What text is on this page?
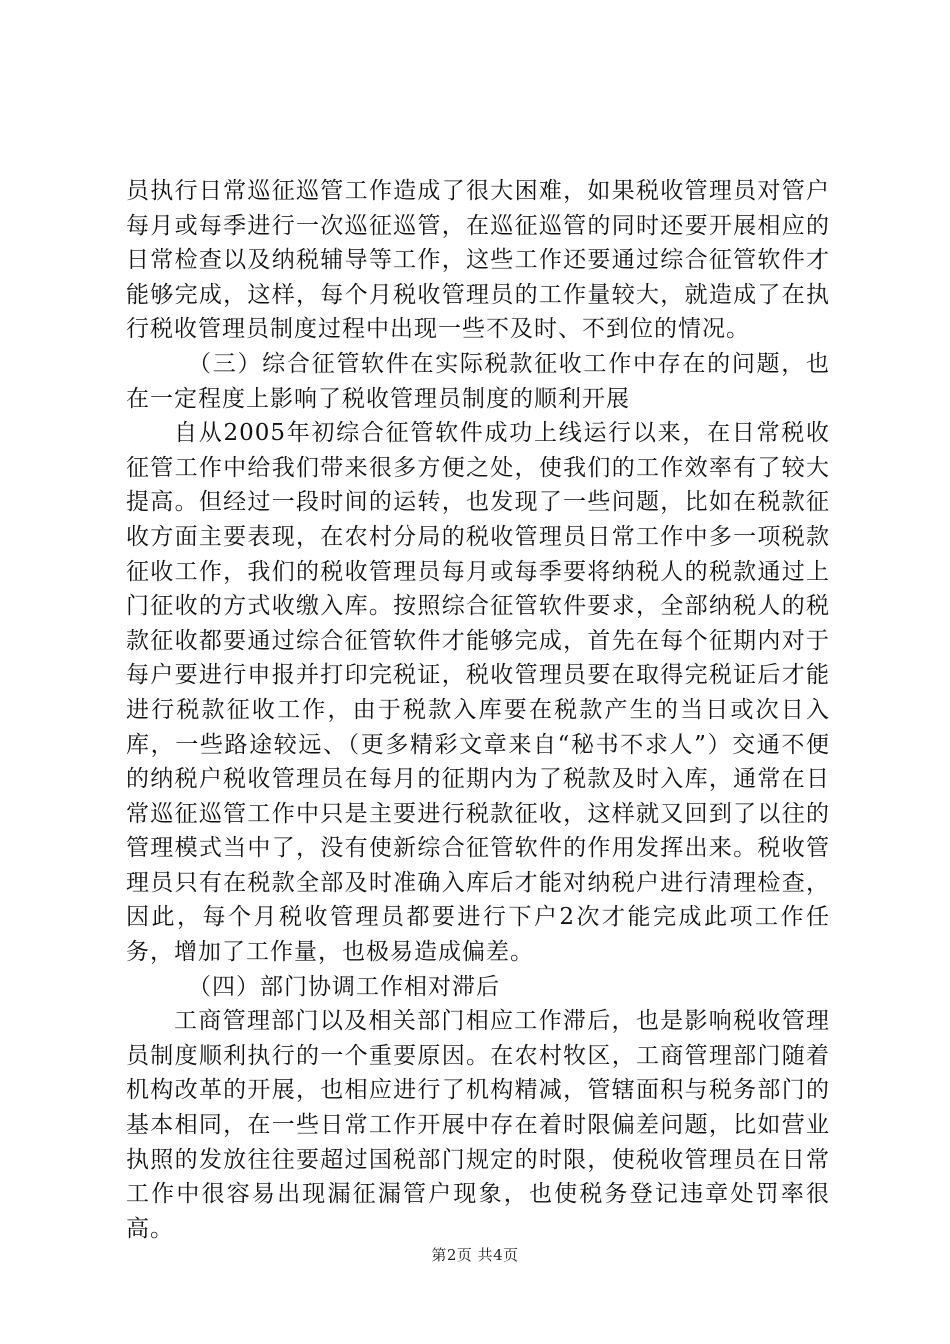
员执行日常巡征巡管工作造成了很大困难，如果税收管理员对管户每月或每季进行一次巡征巡管，在巡征巡管的同时还要开展相应的日常检查以及纳税辅导等工作，这些工作还要通过综合征管软件才能够完成，这样，每个月税收管理员的工作量较大，就造成了在执行税收管理员制度过程中出现一些不及时、不到位的情况。

（三）综合征管软件在实际税款征收工作中存在的问题，也在一定程度上影响了税收管理员制度的顺利开展

自从2005年初综合征管软件成功上线运行以来，在日常税收征管工作中给我们带来很多方便之处，使我们的工作效率有了较大提高。但经过一段时间的运转，也发现了一些问题，比如在税款征收方面主要表现，在农村分局的税收管理员日常工作中多一项税款征收工作，我们的税收管理员每月或每季要将纳税人的税款通过上门征收的方式收缴入库。按照综合征管软件要求，全部纳税人的税款征收都要通过综合征管软件才能够完成，首先在每个征期内对于每户要进行申报并打印完税证，税收管理员要在取得完税证后才能进行税款征收工作，由于税款入库要在税款产生的当日或次日入库，一些路途较远、（更多精彩文章来自“秘书不求人”）交通不便的纳税户税收管理员在每月的征期内为了税款及时入库，通常在日常巡征巡管工作中只是主要进行税款征收，这样就又回到了以往的管理模式当中了，没有使新综合征管软件的作用发挥出来。税收管理员只有在税款全部及时准确入库后才能对纳税户进行清理检查，因此，每个月税收管理员都要进行下户2次才能完成此项工作任务，增加了工作量，也极易造成偏差。

（四）部门协调工作相对滞后

工商管理部门以及相关部门相应工作滞后，也是影响税收管理员制度顺利执行的一个重要原因。在农村牧区，工商管理部门随着机构改革的开展，也相应进行了机构精减，管辖面积与税务部门的基本相同，在一些日常工作开展中存在着时限偏差问题，比如营业执照的发放往往要超过国税部门规定的时限，使税收管理员在日常工作中很容易出现漏征漏管户现象，也使税务登记违章处罚率很高。

第2页 共4页
